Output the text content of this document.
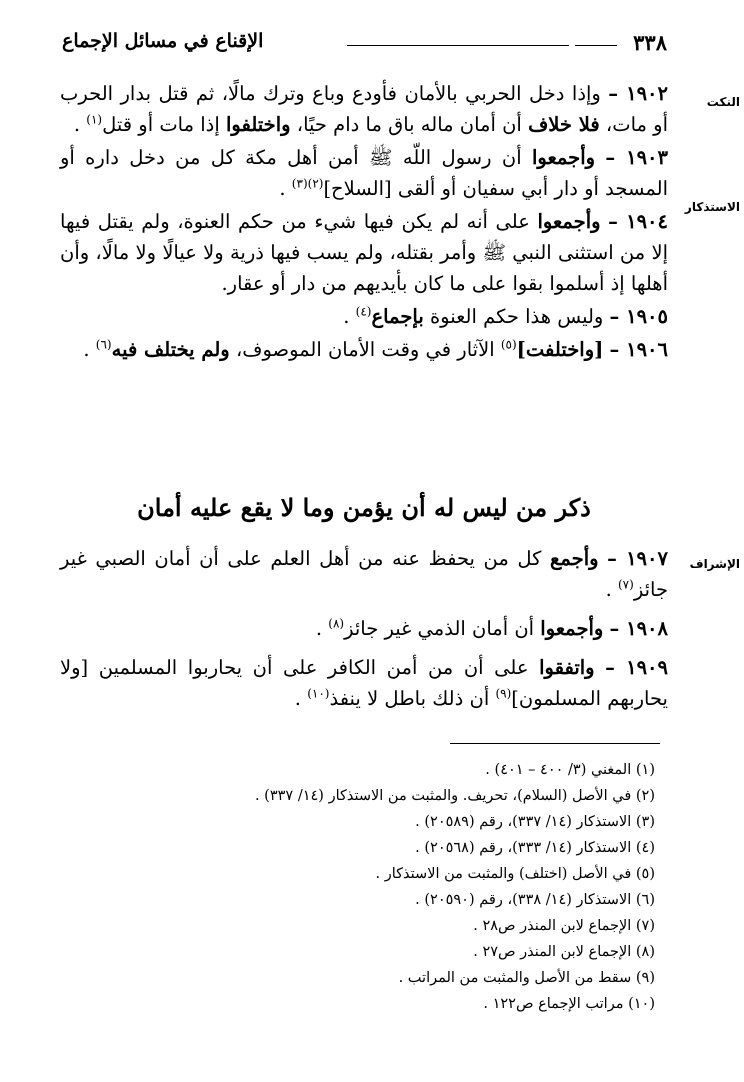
٣٣٨
الإقناع في مسائل الإجماع
النكت
الاستذكار
الإشراف

١٩٠٢ – وإذا دخل الحربي بالأمان فأودع وباع وترك مالًا، ثم قتل بدار الحرب أو مات، فلا خلاف أن أمان ماله باق ما دام حيًا، واختلفوا إذا مات أو قتل$^{(١)}$ .

١٩٠٣ – وأجمعوا أن رسول اللّه ﷺ أمن أهل مكة كل من دخل داره أو المسجد أو دار أبي سفيان أو ألقى [السلاح]$^{(٢)(٣)}$ .

١٩٠٤ – وأجمعوا على أنه لم يكن فيها شيء من حكم العنوة، ولم يقتل فيها إلا من استثنى النبي ﷺ وأمر بقتله، ولم يسب فيها ذرية ولا عيالًا ولا مالًا، وأن أهلها إذ أسلموا بقوا على ما كان بأيديهم من دار أو عقار.

١٩٠٥ – وليس هذا حكم العنوة بإجماع$^{(٤)}$ .

١٩٠٦ – [واختلفت]$^{(٥)}$ الآثار في وقت الأمان الموصوف، ولم يختلف فيه$^{(٦)}$ .

ذكر من ليس له أن يؤمن وما لا يقع عليه أمان

١٩٠٧ – وأجمع كل من يحفظ عنه من أهل العلم على أن أمان الصبي غير جائز$^{(٧)}$ .

١٩٠٨ – وأجمعوا أن أمان الذمي غير جائز$^{(٨)}$ .

١٩٠٩ – واتفقوا على أن من أمن الكافر على أن يحاربوا المسلمين [ولا يحاربهم المسلمون]$^{(٩)}$ أن ذلك باطل لا ينفذ$^{(١٠)}$ .

(١) المغني (٣/ ٤٠٠ – ٤٠١) .
(٢) في الأصل (السلام)، تحريف. والمثبت من الاستذكار (١٤/ ٣٣٧) .
(٣) الاستذكار (١٤/ ٣٣٧)، رقم (٢٠٥٨٩) .
(٤) الاستذكار (١٤/ ٣٣٣)، رقم (٢٠٥٦٨) .
(٥) في الأصل (اختلف) والمثبت من الاستذكار .
(٦) الاستذكار (١٤/ ٣٣٨)، رقم (٢٠٥٩٠) .
(٧) الإجماع لابن المنذر ص٢٨ .
(٨) الإجماع لابن المنذر ص٢٧ .
(٩) سقط من الأصل والمثبت من المراتب .
(١٠) مراتب الإجماع ص١٢٢ .
